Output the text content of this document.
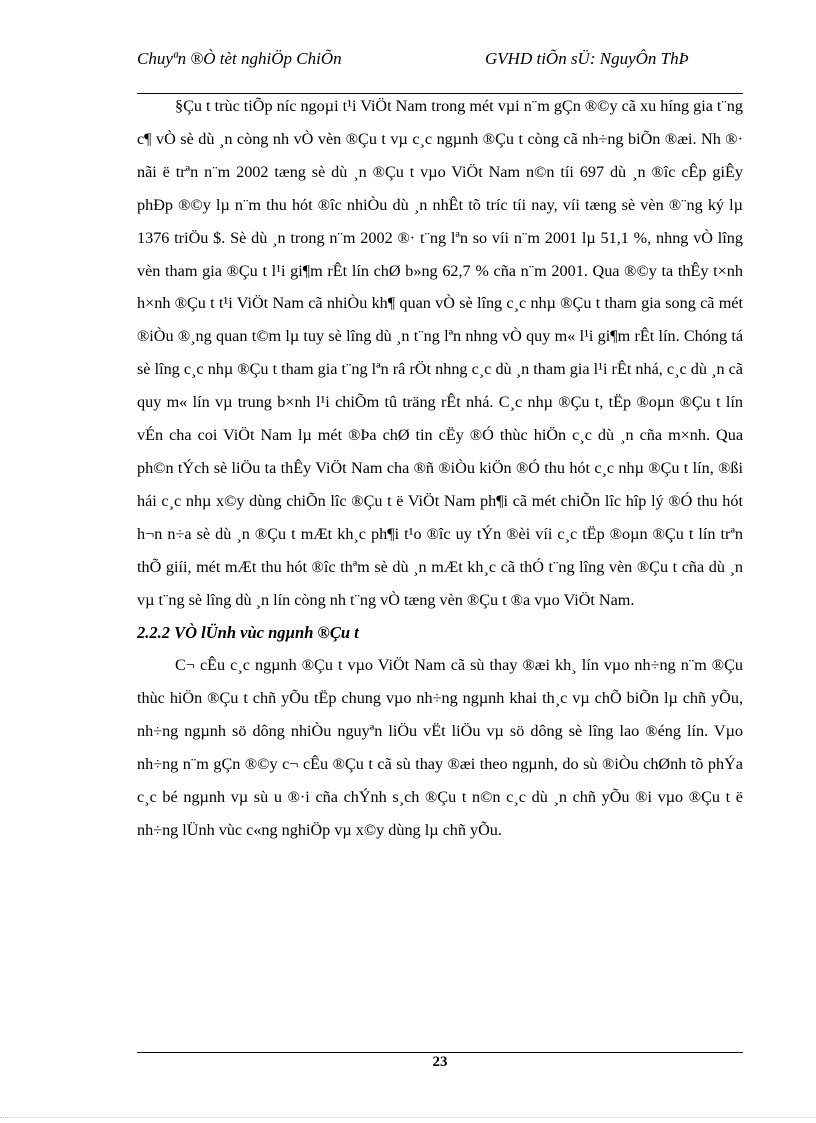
Chuyªn ®Ò tèt nghiÖp ChiÕn	GVHD tiÕn sÜ: NguyÔn ThÞ

§Çu t trùc tiÕp níc ngoµi t¹i ViÖt Nam trong mét vµi n¨m gÇn ®©y cã xu híng gia t¨ng c¶ vÒ sè dù ¸n còng nh vÒ vèn ®Çu t vµ c¸c ngµnh ®Çu t còng cã nh÷ng biÕn ®æi. Nh ®· nãi ë trªn n¨m 2002 tæng sè dù ¸n ®Çu t vµo ViÖt Nam n©n tíi 697 dù ¸n ®îc cÊp giÊy phÐp ®©y lµ n¨m thu hót ®îc nhiÒu dù ¸n nhÊt tõ tríc tíi nay, víi tæng sè vèn ®¨ng ký lµ 1376 triÖu $. Sè dù ¸n trong n¨m 2002 ®· t¨ng lªn so víi n¨m 2001 lµ 51,1 %, nhng vÒ lîng vèn tham gia ®Çu t l¹i gi¶m rÊt lín chØ b»ng 62,7 % cña n¨m 2001. Qua ®©y ta thÊy t×nh h×nh ®Çu t t¹i ViÖt Nam cã nhiÒu kh¶ quan vÒ sè lîng c¸c nhµ ®Çu t tham gia song cã mét ®iÒu ®¸ng quan t©m lµ tuy sè lîng dù ¸n t¨ng lªn nhng vÒ quy m« l¹i gi¶m rÊt lín. Chóng tá sè lîng c¸c nhµ ®Çu t tham gia t¨ng lªn râ rÖt nhng c¸c dù ¸n tham gia l¹i rÊt nhá, c¸c dù ¸n cã quy m« lín vµ trung b×nh l¹i chiÕm tû träng rÊt nhá. C¸c nhµ ®Çu t, tËp ®oµn ®Çu t lín vÉn cha coi ViÖt Nam lµ mét ®Þa chØ tin cËy ®Ó thùc hiÖn c¸c dù ¸n cña m×nh. Qua ph©n tÝch sè liÖu ta thÊy ViÖt Nam cha ®ñ ®iÒu kiÖn ®Ó thu hót c¸c nhµ ®Çu t lín, ®ßi hái c¸c nhµ x©y dùng chiÕn lîc ®Çu t ë ViÖt Nam ph¶i cã mét chiÕn lîc hîp lý ®Ó thu hót h¬n n÷a sè dù ¸n ®Çu t mÆt kh¸c ph¶i t¹o ®îc uy tÝn ®èi víi c¸c tËp ®oµn ®Çu t lín trªn thÕ giíi, mét mÆt thu hót ®îc thªm sè dù ¸n mÆt kh¸c cã thÓ t¨ng lîng vèn ®Çu t cña dù ¸n vµ t¨ng sè lîng dù ¸n lín còng nh t¨ng vÒ tæng vèn ®Çu t ®a vµo ViÖt Nam.

2.2.2 VÒ lÜnh vùc ngµnh ®Çu t

C¬ cÊu c¸c ngµnh ®Çu t vµo ViÖt Nam cã sù thay ®æi kh¸ lín vµo nh÷ng n¨m ®Çu thùc hiÖn ®Çu t chñ yÕu tËp chung vµo nh÷ng ngµnh khai th¸c vµ chÕ biÕn lµ chñ yÕu, nh÷ng ngµnh sö dông nhiÒu nguyªn liÖu vËt liÖu vµ sö dông sè lîng lao ®éng lín. Vµo nh÷ng n¨m gÇn ®©y c¬ cÊu ®Çu t cã sù thay ®æi theo ngµnh, do sù ®iÒu chØnh tõ phÝa c¸c bé ngµnh vµ sù u ®·i cña chÝnh s¸ch ®Çu t n©n c¸c dù ¸n chñ yÕu ®i vµo ®Çu t ë nh÷ng lÜnh vùc c«ng nghiÖp vµ x©y dùng lµ chñ yÕu.

23
